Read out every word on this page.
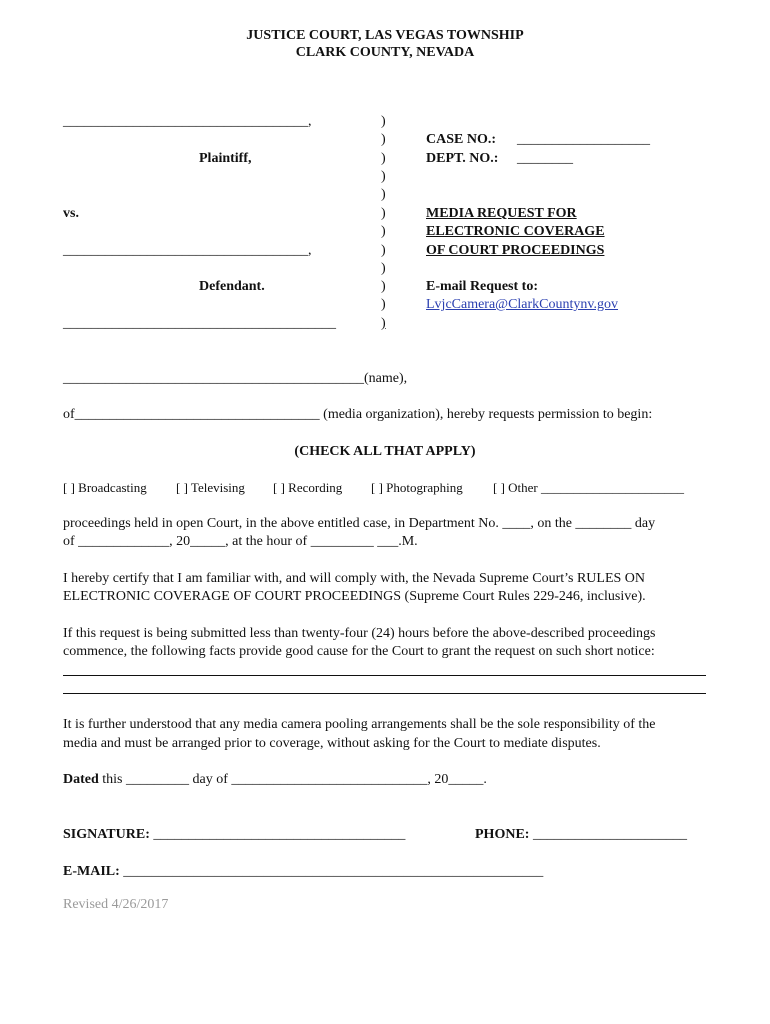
JUSTICE COURT, LAS VEGAS TOWNSHIP
CLARK COUNTY, NEVADA
___________________________________,
Plaintiff,
vs.
___________________________________,
Defendant.
_______________________________________
)
)
)
)
)
)
)
)
)
)
)
)
CASE NO.: ___________________
DEPT. NO.: ________
MEDIA REQUEST FOR
ELECTRONIC COVERAGE
OF COURT PROCEEDINGS
E-mail Request to:
LvjcCamera@ClarkCountynv.gov
___________________________________________(name),
of___________________________________ (media organization), hereby requests permission to begin:
(CHECK ALL THAT APPLY)
[ ] Broadcasting [ ] Televising [ ] Recording [ ] Photographing [ ] Other ______________________
proceedings held in open Court, in the above entitled case, in Department No. ____, on the ________ day
of _____________, 20_____, at the hour of _________ ___.M.
I hereby certify that I am familiar with, and will comply with, the Nevada Supreme Court’s RULES ON
ELECTRONIC COVERAGE OF COURT PROCEEDINGS (Supreme Court Rules 229-246, inclusive).
If this request is being submitted less than twenty-four (24) hours before the above-described proceedings
commence, the following facts provide good cause for the Court to grant the request on such short notice:
It is further understood that any media camera pooling arrangements shall be the sole responsibility of the
media and must be arranged prior to coverage, without asking for the Court to mediate disputes.
Dated this _________ day of ____________________________, 20_____.
SIGNATURE: ____________________________________	PHONE: ______________________
E-MAIL: ____________________________________________________________
Revised 4/26/2017
